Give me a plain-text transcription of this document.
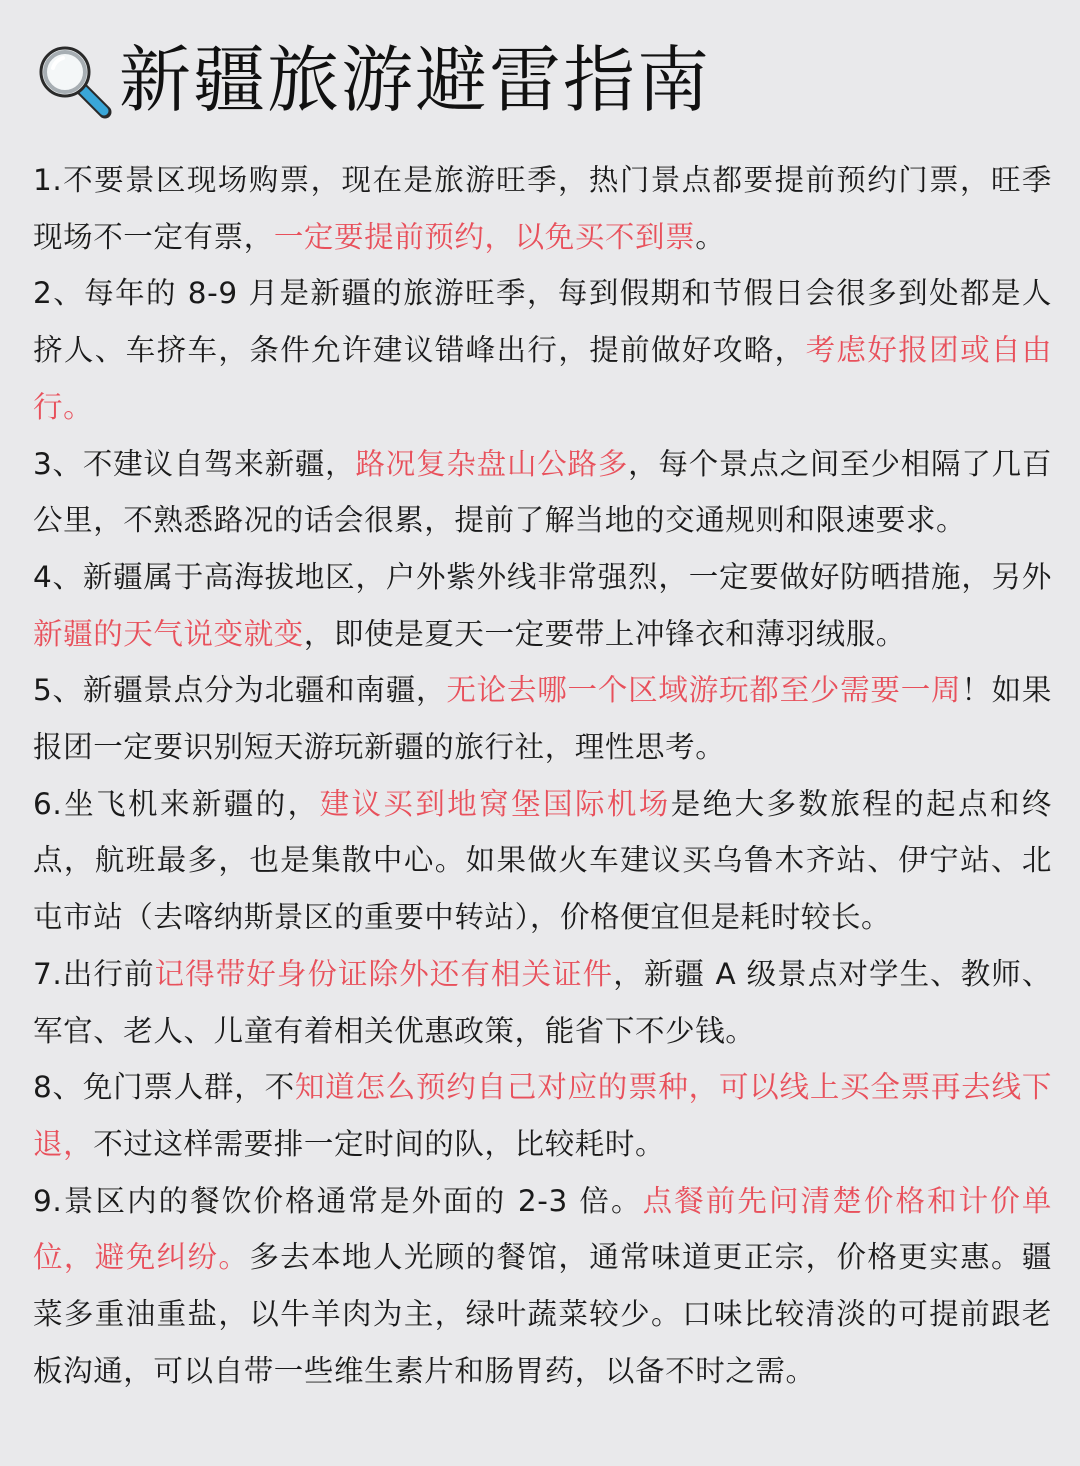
新疆旅游避雷指南

1.不要景区现场购票，现在是旅游旺季，热门景点都要提前预约门票，旺季现场不一定有票，一定要提前预约，以免买不到票。

2、每年的 8-9 月是新疆的旅游旺季，每到假期和节假日会很多到处都是人挤人、车挤车，条件允许建议错峰出行，提前做好攻略，考虑好报团或自由行。

3、不建议自驾来新疆，路况复杂盘山公路多，每个景点之间至少相隔了几百公里，不熟悉路况的话会很累，提前了解当地的交通规则和限速要求。

4、新疆属于高海拔地区，户外紫外线非常强烈，一定要做好防晒措施，另外新疆的天气说变就变，即使是夏天一定要带上冲锋衣和薄羽绒服。

5、新疆景点分为北疆和南疆，无论去哪一个区域游玩都至少需要一周！如果报团一定要识别短天游玩新疆的旅行社，理性思考。

6.坐飞机来新疆的，建议买到地窝堡国际机场是绝大多数旅程的起点和终点，航班最多，也是集散中心。如果做火车建议买乌鲁木齐站、伊宁站、北屯市站（去喀纳斯景区的重要中转站），价格便宜但是耗时较长。

7.出行前记得带好身份证除外还有相关证件，新疆 A 级景点对学生、教师、军官、老人、儿童有着相关优惠政策，能省下不少钱。

8、免门票人群，不知道怎么预约自己对应的票种，可以线上买全票再去线下退，不过这样需要排一定时间的队，比较耗时。

9.景区内的餐饮价格通常是外面的 2-3 倍。点餐前先问清楚价格和计价单位，避免纠纷。多去本地人光顾的餐馆，通常味道更正宗，价格更实惠。疆菜多重油重盐，以牛羊肉为主，绿叶蔬菜较少。口味比较清淡的可提前跟老板沟通，可以自带一些维生素片和肠胃药，以备不时之需。
